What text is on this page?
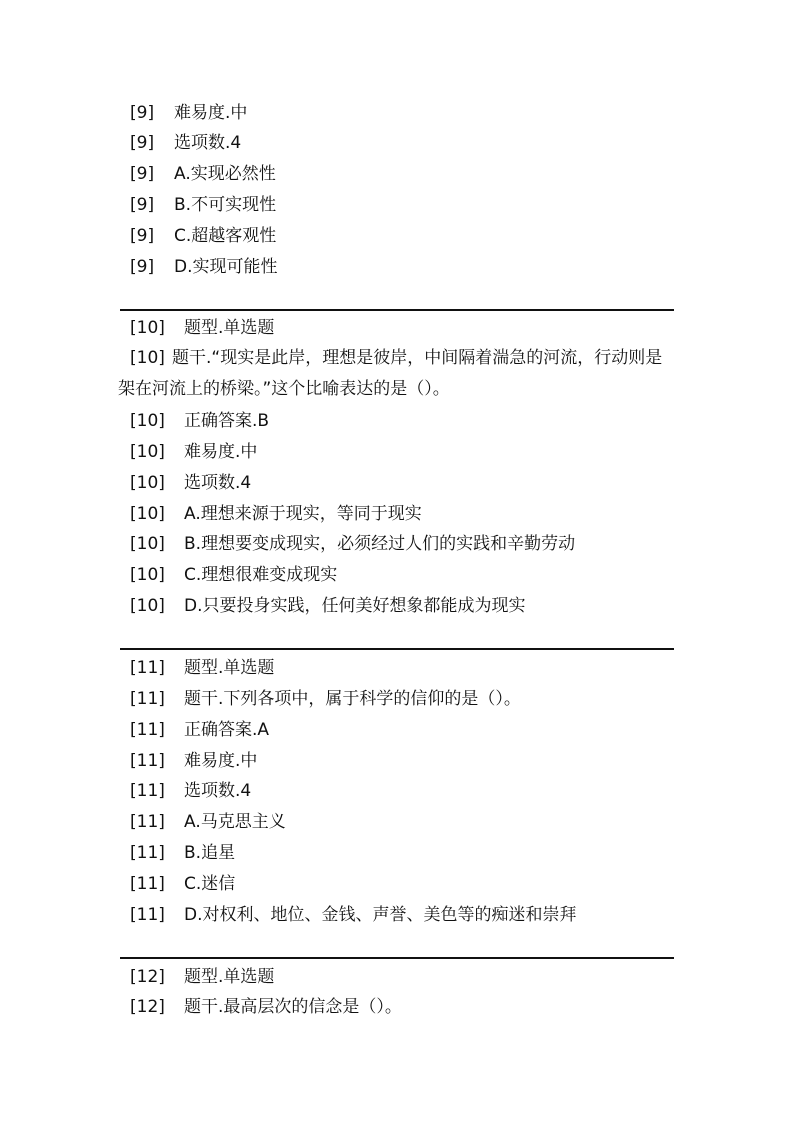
[9] 难易度.中
[9] 选项数.4
[9] A.实现必然性
[9] B.不可实现性
[9] C.超越客观性
[9] D.实现可能性
[10] 题型.单选题
[10] 题干.“现实是此岸，理想是彼岸，中间隔着湍急的河流，行动则是架在河流上的桥梁。”这个比喻表达的是（）。
[10] 正确答案.B
[10] 难易度.中
[10] 选项数.4
[10] A.理想来源于现实，等同于现实
[10] B.理想要变成现实，必须经过人们的实践和辛勤劳动
[10] C.理想很难变成现实
[10] D.只要投身实践，任何美好想象都能成为现实
[11] 题型.单选题
[11] 题干.下列各项中，属于科学的信仰的是（）。
[11] 正确答案.A
[11] 难易度.中
[11] 选项数.4
[11] A.马克思主义
[11] B.追星
[11] C.迷信
[11] D.对权利、地位、金钱、声誉、美色等的痴迷和崇拜
[12] 题型.单选题
[12] 题干.最高层次的信念是（）。
